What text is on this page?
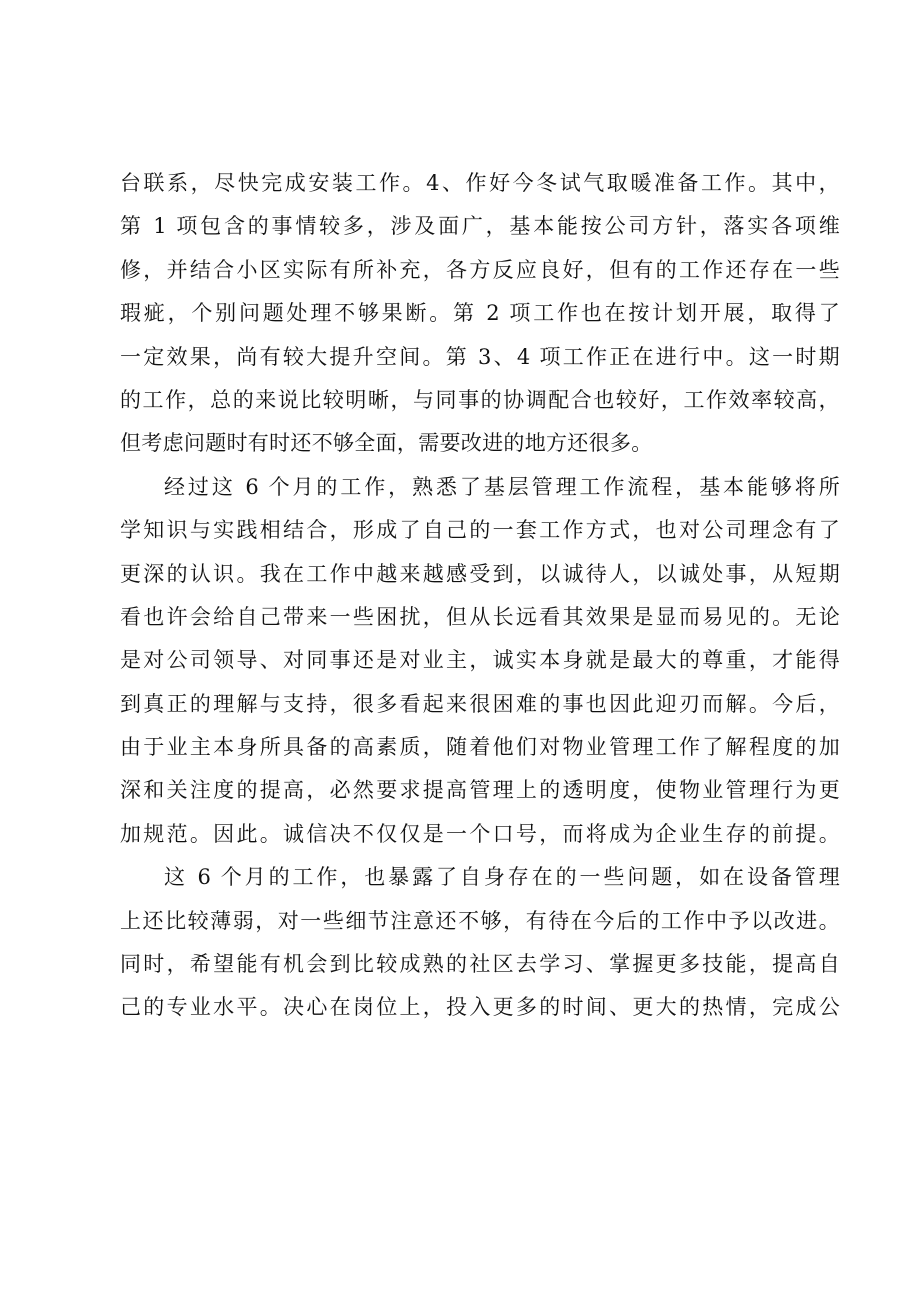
台联系，尽快完成安装工作。4、作好今冬试气取暖准备工作。其中，
第 1 项包含的事情较多，涉及面广，基本能按公司方针，落实各项维
修，并结合小区实际有所补充，各方反应良好，但有的工作还存在一些
瑕疵，个别问题处理不够果断。第 2 项工作也在按计划开展，取得了
一定效果，尚有较大提升空间。第 3、4 项工作正在进行中。这一时期
的工作，总的来说比较明晰，与同事的协调配合也较好，工作效率较高，
但考虑问题时有时还不够全面，需要改进的地方还很多。
经过这 6 个月的工作，熟悉了基层管理工作流程，基本能够将所
学知识与实践相结合，形成了自己的一套工作方式，也对公司理念有了
更深的认识。我在工作中越来越感受到，以诚待人，以诚处事，从短期
看也许会给自己带来一些困扰，但从长远看其效果是显而易见的。无论
是对公司领导、对同事还是对业主，诚实本身就是最大的尊重，才能得
到真正的理解与支持，很多看起来很困难的事也因此迎刃而解。今后，
由于业主本身所具备的高素质，随着他们对物业管理工作了解程度的加
深和关注度的提高，必然要求提高管理上的透明度，使物业管理行为更
加规范。因此。诚信决不仅仅是一个口号，而将成为企业生存的前提。
这 6 个月的工作，也暴露了自身存在的一些问题，如在设备管理
上还比较薄弱，对一些细节注意还不够，有待在今后的工作中予以改进。
同时，希望能有机会到比较成熟的社区去学习、掌握更多技能，提高自
己的专业水平。决心在岗位上，投入更多的时间、更大的热情，完成公
